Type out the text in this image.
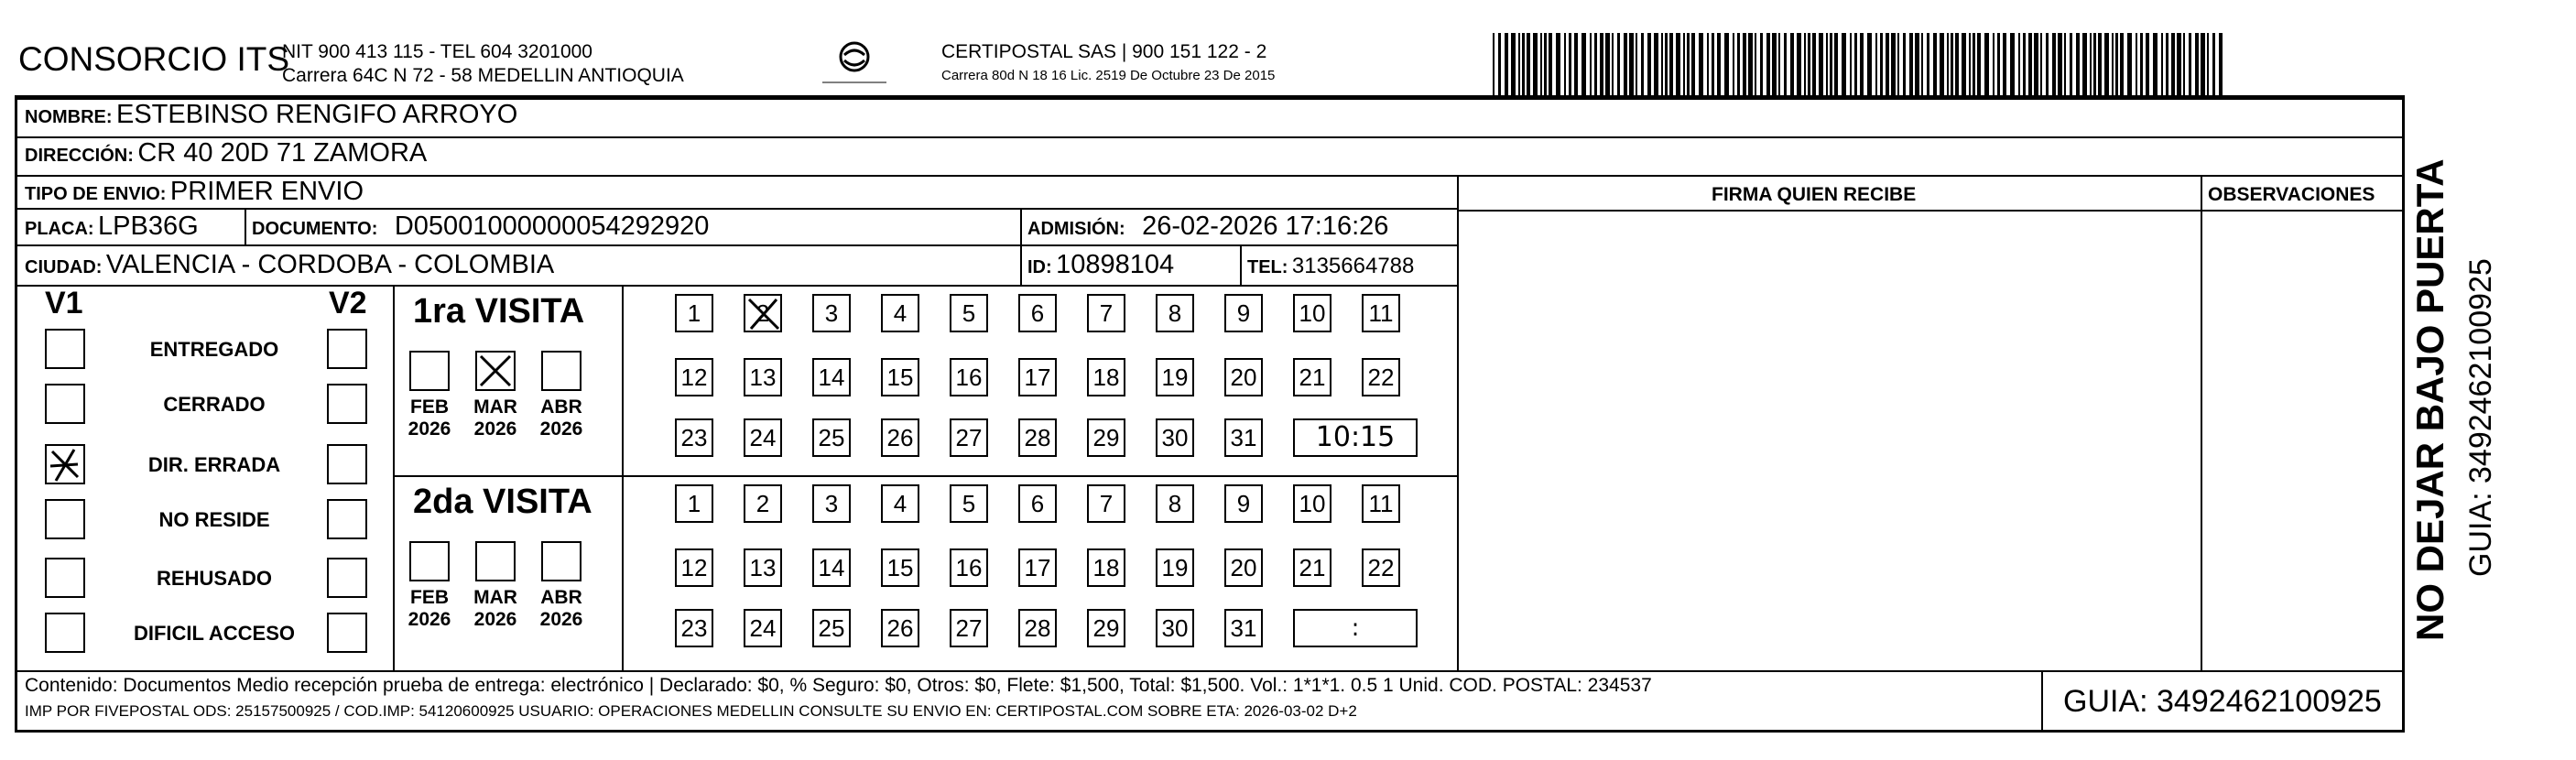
CONSORCIO ITS
NIT 900 413 115 - TEL 604 3201000
Carrera 64C N 72 - 58 MEDELLIN ANTIOQUIA
CERTIPOSTAL SAS | 900 151 122 - 2
Carrera 80d N 18 16 Lic. 2519 De Octubre 23 De 2015
NOMBRE: ESTEBINSO RENGIFO ARROYO
DIRECCIÓN: CR 40 20D 71 ZAMORA
TIPO DE ENVIO: PRIMER ENVIO	FIRMA QUIEN RECIBE	OBSERVACIONES
PLACA: LPB36G	DOCUMENTO: D05001000000054292920	ADMISIÓN: 26-02-2026 17:16:26
CIUDAD: VALENCIA - CORDOBA - COLOMBIA	ID: 10898104	TEL: 3135664788
V1	V2
ENTREGADO
CERRADO
DIR. ERRADA
NO RESIDE
REHUSADO
DIFICIL ACCESO
1ra VISITA
2da VISITA
FEB
2026
MAR
2026
ABR
2026
1	2	3	4	5	6	7	8	9	10 11
12 13 14 15 16 17 18 19 20 21 22
23 24 25 26 27 28 29 30 31	10:15
FEB
2026
MAR
2026
ABR
2026
1	2	3	4	5	6	7	8	9	10 11
12 13 14 15 16 17 18 19 20 21 22
23 24 25 26 27 28 29 30 31	:
Contenido: Documentos Medio recepción prueba de entrega: electrónico | Declarado: $0, % Seguro: $0, Otros: $0, Flete: $1,500, Total: $1,500. Vol.: 1*1*1. 0.5 1 Unid. COD. POSTAL: 234537
IMP POR FIVEPOSTAL ODS: 25157500925 / COD.IMP: 54120600925 USUARIO: OPERACIONES MEDELLIN CONSULTE SU ENVIO EN: CERTIPOSTAL.COM SOBRE ETA: 2026-03-02 D+2	GUIA: 3492462100925
NO DEJAR BAJO PUERTA GUIA: 3492462100925
